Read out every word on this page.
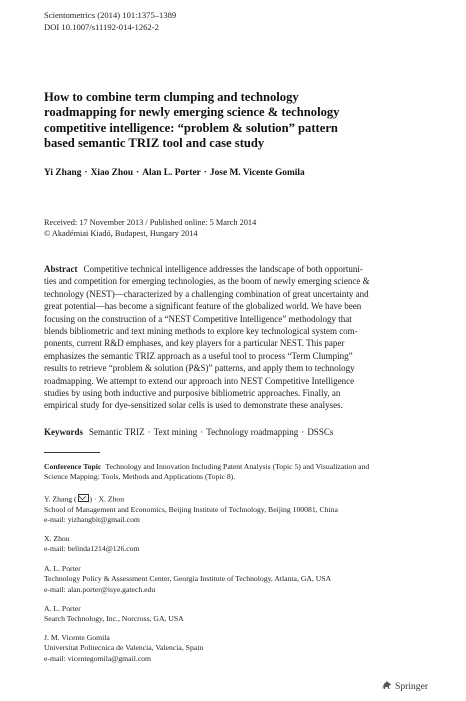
Scientometrics (2014) 101:1375–1389
DOI 10.1007/s11192-014-1262-2
How to combine term clumping and technology
roadmapping for newly emerging science & technology
competitive intelligence: “problem & solution” pattern
based semantic TRIZ tool and case study
Yi Zhang · Xiao Zhou · Alan L. Porter · Jose M. Vicente Gomila
Received: 17 November 2013 / Published online: 5 March 2014
© Akadémiai Kiadó, Budapest, Hungary 2014
Abstract Competitive technical intelligence addresses the landscape of both opportuni-
ties and competition for emerging technologies, as the boom of newly emerging science &
technology (NEST)—characterized by a challenging combination of great uncertainty and
great potential—has become a significant feature of the globalized world. We have been
focusing on the construction of a “NEST Competitive Intelligence” methodology that
blends bibliometric and text mining methods to explore key technological system com-
ponents, current R&D emphases, and key players for a particular NEST. This paper
emphasizes the semantic TRIZ approach as a useful tool to process “Term Clumping”
results to retrieve “problem & solution (P&S)” patterns, and apply them to technology
roadmapping. We attempt to extend our approach into NEST Competitive Intelligence
studies by using both inductive and purposive bibliometric approaches. Finally, an
empirical study for dye-sensitized solar cells is used to demonstrate these analyses.
Keywords Semantic TRIZ · Text mining · Technology roadmapping · DSSCs
Conference Topic Technology and Innovation Including Patent Analysis (Topic 5) and Visualization and
Science Mapping: Tools, Methods and Applications (Topic 8).
Y. Zhang ( ) · X. Zhou
School of Management and Economics, Beijing Institute of Technology, Beijing 100081, China
e-mail: yizhangbit@gmail.com
X. Zhou
e-mail: belinda1214@126.com
A. L. Porter
Technology Policy & Assessment Center, Georgia Institute of Technology, Atlanta, GA, USA
e-mail: alan.porter@isye.gatech.edu
A. L. Porter
Search Technology, Inc., Norcross, GA, USA
J. M. Vicente Gomila
Universitat Politecnica de Valencia, Valencia, Spain
e-mail: vicentegomila@gmail.com
Springer
